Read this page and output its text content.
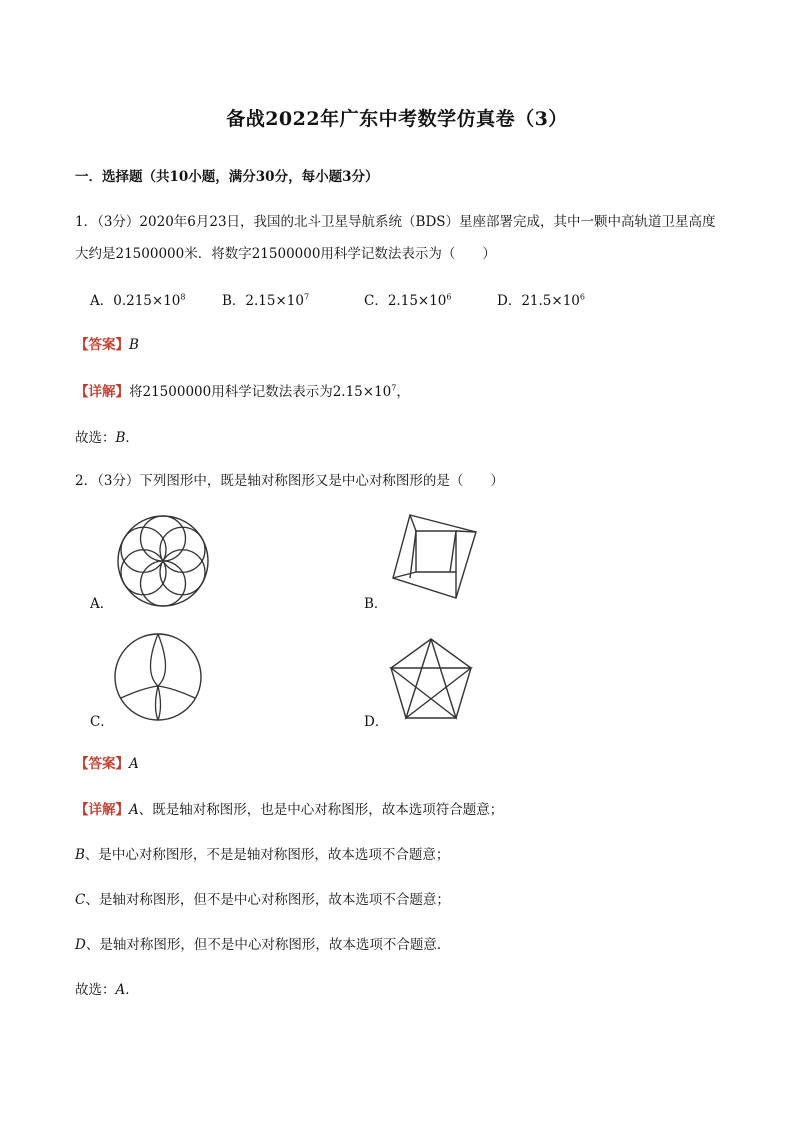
备战2022年广东中考数学仿真卷（3）
一．选择题（共10小题，满分30分，每小题3分）
1．（3分）2020年6月23日，我国的北斗卫星导航系统（BDS）星座部署完成，其中一颗中高轨道卫星高度
大约是21500000米．将数字21500000用科学记数法表示为（　　）
A．$0.215\times 10^8$	B．$2.15\times 10^7$	C．$2.15\times 10^6$	D．$21.5\times 10^6$
【答案】B
【详解】将21500000用科学记数法表示为$2.15\times 10^7$，
故选：B．
2．（3分）下列图形中，既是轴对称图形又是中心对称图形的是（　　）
A．	B．
C．	D．
【答案】A
【详解】A、既是轴对称图形，也是中心对称图形，故本选项符合题意；
B、是中心对称图形，不是是轴对称图形，故本选项不合题意；
C、是轴对称图形，但不是中心对称图形，故本选项不合题意；
D、是轴对称图形，但不是中心对称图形，故本选项不合题意．
故选：A．
